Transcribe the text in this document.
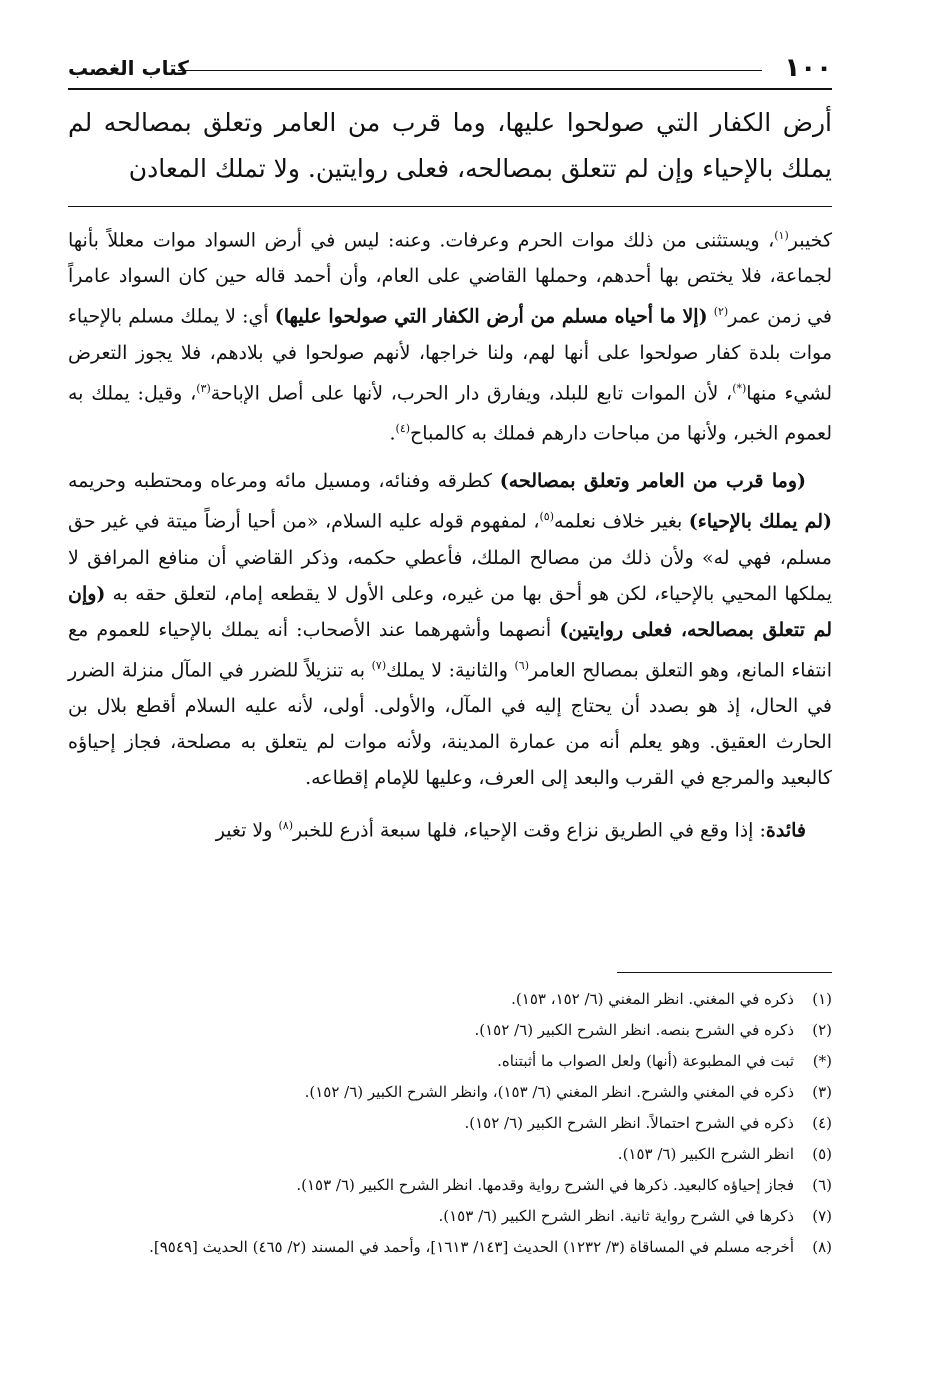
١٠٠
كتاب الغصب
أرض الكفار التي صولحوا عليها، وما قرب من العامر وتعلق بمصالحه لم يملك بالإحياء وإن لم تتعلق بمصالحه، فعلى روايتين. ولا تملك المعادن

كخيبر$^{(١)}$، ويستثنى من ذلك موات الحرم وعرفات. وعنه: ليس في أرض السواد موات معللاً بأنها لجماعة، فلا يختص بها أحدهم، وحملها القاضي على العام، وأن أحمد قاله حين كان السواد عامراً في زمن عمر$^{(٢)}$ (إلا ما أحياه مسلم من أرض الكفار التي صولحوا عليها) أي: لا يملك مسلم بالإحياء موات بلدة كفار صولحوا على أنها لهم، ولنا خراجها، لأنهم صولحوا في بلادهم، فلا يجوز التعرض لشيء منها(*)، لأن الموات تابع للبلد، ويفارق دار الحرب، لأنها على أصل الإباحة$^{(٣)}$، وقيل: يملك به لعموم الخبر، ولأنها من مباحات دارهم فملك به كالمباح$^{(٤)}$.

(وما قرب من العامر وتعلق بمصالحه) كطرقه وفنائه، ومسيل مائه ومرعاه ومحتطبه وحريمه (لم يملك بالإحياء) بغير خلاف نعلمه$^{(٥)}$، لمفهوم قوله عليه السلام، «من أحيا أرضاً ميتة في غير حق مسلم، فهي له» ولأن ذلك من مصالح الملك، فأعطي حكمه، وذكر القاضي أن منافع المرافق لا يملكها المحيي بالإحياء، لكن هو أحق بها من غيره، وعلى الأول لا يقطعه إمام، لتعلق حقه به (وإن لم تتعلق بمصالحه، فعلى روايتين) أنصهما وأشهرهما عند الأصحاب: أنه يملك بالإحياء للعموم مع انتفاء المانع، وهو التعلق بمصالح العامر$^{(٦)}$ والثانية: لا يملك$^{(٧)}$ به تنزيلاً للضرر في المآل منزلة الضرر في الحال، إذ هو بصدد أن يحتاج إليه في المآل، والأولى. أولى، لأنه عليه السلام أقطع بلال بن الحارث العقيق. وهو يعلم أنه من عمارة المدينة، ولأنه موات لم يتعلق به مصلحة، فجاز إحياؤه كالبعيد والمرجع في القرب والبعد إلى العرف، وعليها للإمام إقطاعه.

فائدة: إذا وقع في الطريق نزاع وقت الإحياء، فلها سبعة أذرع للخبر$^{(٨)}$ ولا تغير

(١)
ذكره في المغني. انظر المغني (٦/ ١٥٢، ١٥٣).
(٢)
ذكره في الشرح بنصه. انظر الشرح الكبير (٦/ ١٥٢).
(*)
ثبت في المطبوعة (أنها) ولعل الصواب ما أثبتناه.
(٣)
ذكره في المغني والشرح. انظر المغني (٦/ ١٥٣)، وانظر الشرح الكبير (٦/ ١٥٢).
(٤)
ذكره في الشرح احتمالاً. انظر الشرح الكبير (٦/ ١٥٢).
(٥)
انظر الشرح الكبير (٦/ ١٥٣).
(٦)
فجاز إحياؤه كالبعيد. ذكرها في الشرح رواية وقدمها. انظر الشرح الكبير (٦/ ١٥٣).
(٧)
ذكرها في الشرح رواية ثانية. انظر الشرح الكبير (٦/ ١٥٣).
(٨)
أخرجه مسلم في المساقاة (٣/ ١٢٣٢) الحديث [١٤٣/ ١٦١٣]، وأحمد في المسند (٢/ ٤٦٥) الحديث [٩٥٤٩].
